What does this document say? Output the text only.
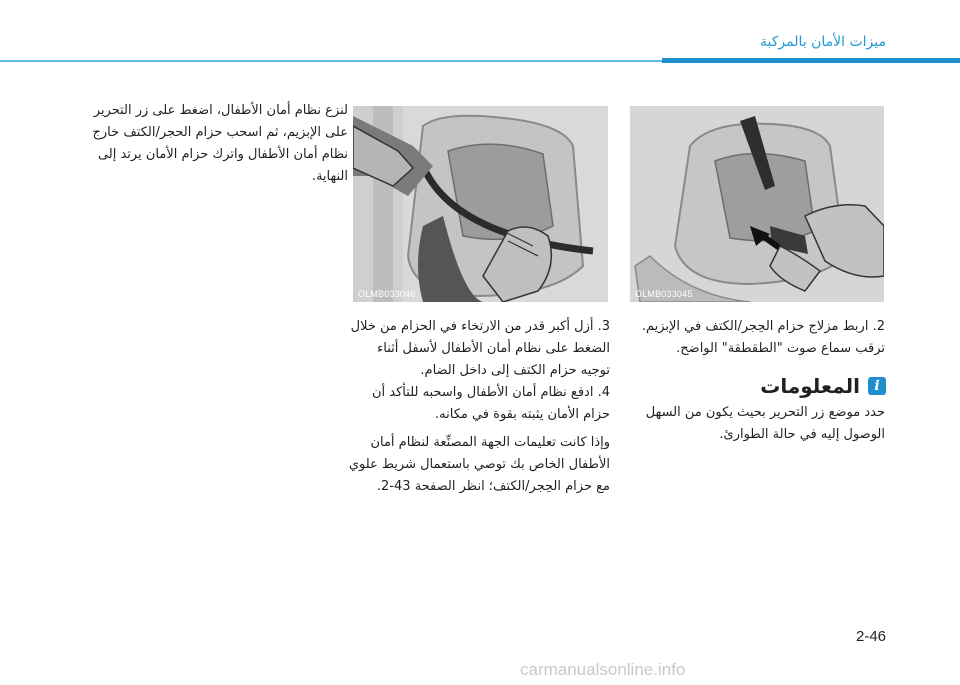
ميزات الأمان بالمركبة

لنزع نظام أمان الأطفال، اضغط على زر التحرير

على الإبزيم، ثم اسحب حزام الحجر/الكتف خارج

نظام أمان الأطفال واترك حزام الأمان يرتد إلى

النهاية.

OLMB033046	OLMB033045

2. اربط مزلاج حزام الحِجر/الكتف في الإبزيم.

ترقب سماع صوت "الطقطقة" الواضح.

i
المعلومات

حدد موضع زر التحرير بحيث يكون من السهل

الوصول إليه في حالة الطوارئ.

3. أزل أكبر قدر من الارتخاء في الحزام من خلال

الضغط على نظام أمان الأطفال لأسفل أثناء

توجيه حزام الكتف إلى داخل الضام.

4. ادفع نظام أمان الأطفال واسحبه للتأكد أن

حزام الأمان يثبته بقوة في مكانه.

وإذا كانت تعليمات الجهة المصنِّعة لنظام أمان

الأطفال الخاص بك توصي باستعمال شريط علوي

مع حزام الحِجر/الكتف؛ انظر الصفحة 43-2.

2-46
carmanualsonline.info
